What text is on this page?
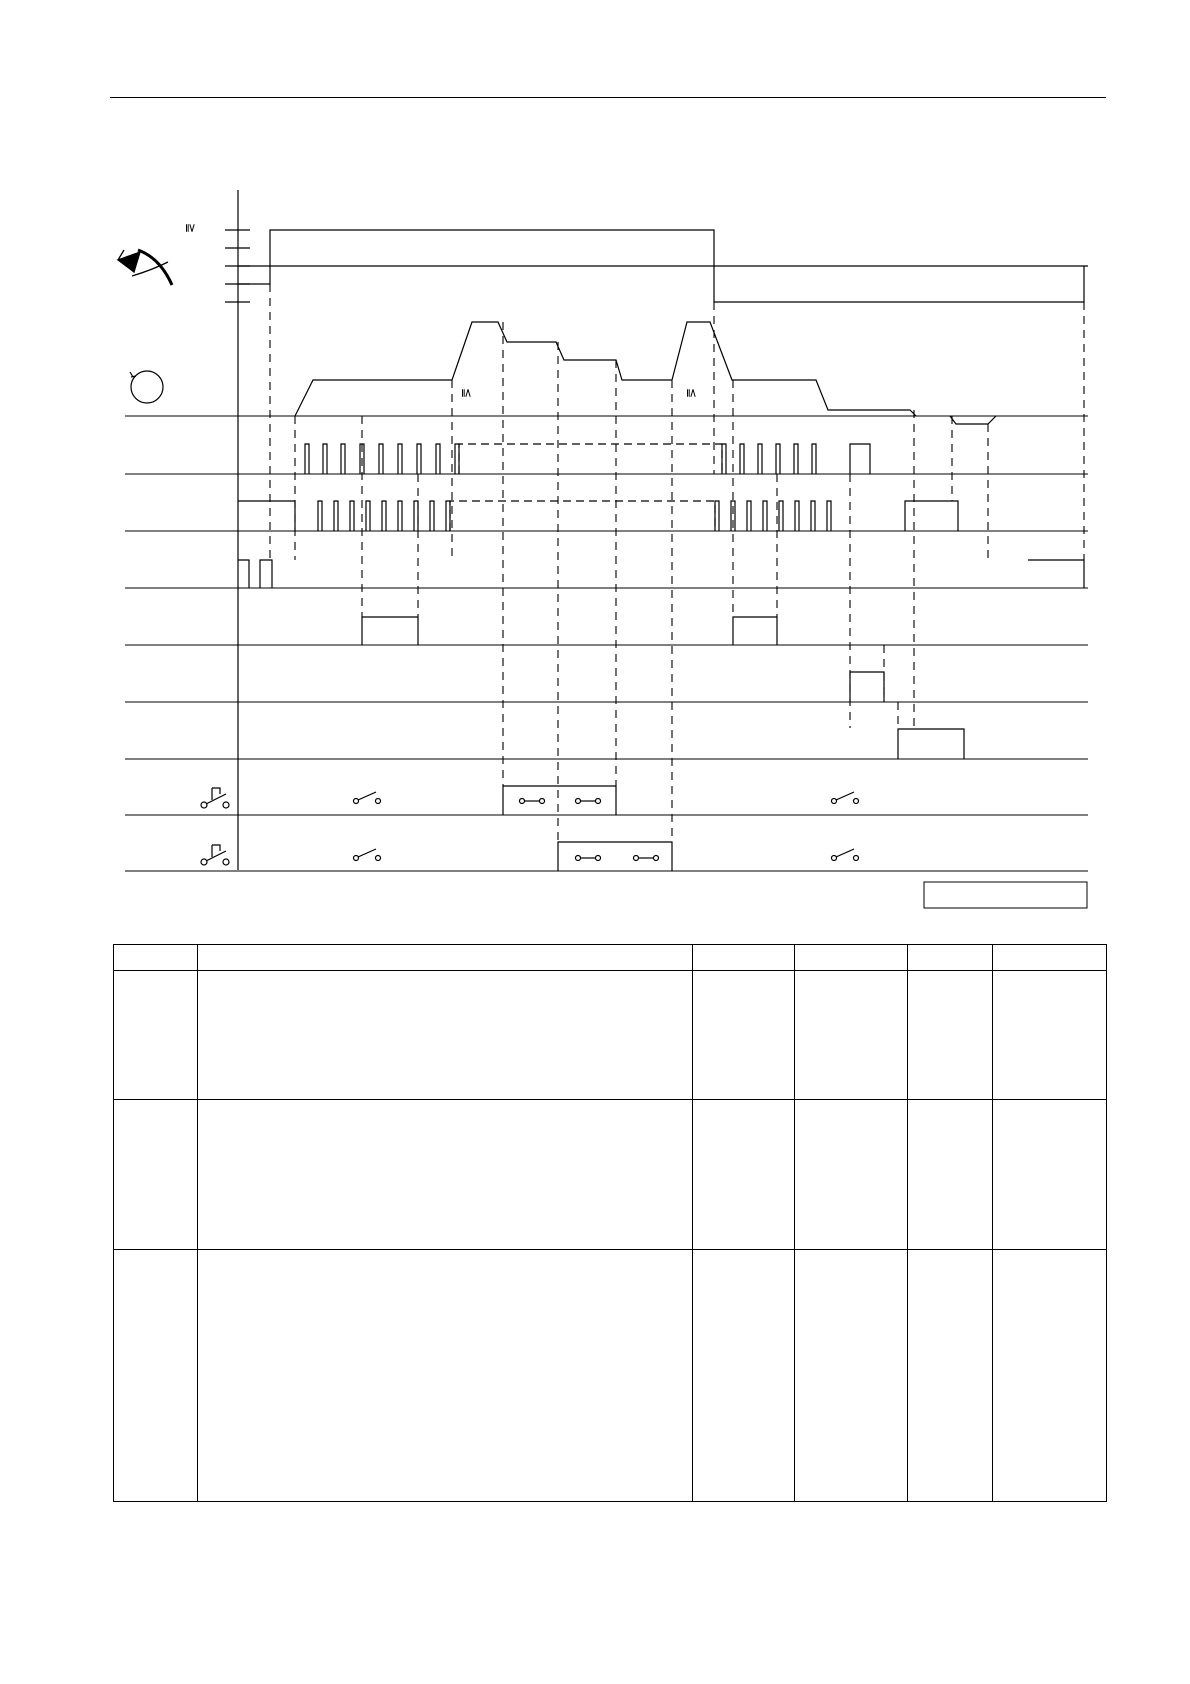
≧
≦	≦
